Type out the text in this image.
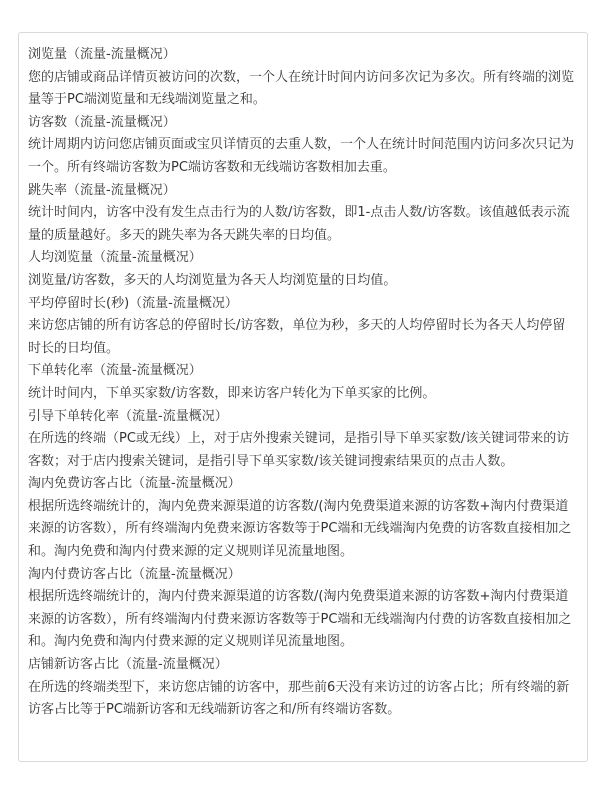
浏览量（流量-流量概况）

您的店铺或商品详情页被访问的次数，一个人在统计时间内访问多次记为多次。所有终端的浏览量等于PC端浏览量和无线端浏览量之和。

访客数（流量-流量概况）

统计周期内访问您店铺页面或宝贝详情页的去重人数，一个人在统计时间范围内访问多次只记为一个。所有终端访客数为PC端访客数和无线端访客数相加去重。

跳失率（流量-流量概况）

统计时间内，访客中没有发生点击行为的人数/访客数，即1-点击人数/访客数。该值越低表示流量的质量越好。多天的跳失率为各天跳失率的日均值。

人均浏览量（流量-流量概况）

浏览量/访客数，多天的人均浏览量为各天人均浏览量的日均值。

平均停留时长(秒)（流量-流量概况）

来访您店铺的所有访客总的停留时长/访客数，单位为秒，多天的人均停留时长为各天人均停留时长的日均值。

下单转化率（流量-流量概况）

统计时间内，下单买家数/访客数，即来访客户转化为下单买家的比例。

引导下单转化率（流量-流量概况）

在所选的终端（PC或无线）上，对于店外搜索关键词，是指引导下单买家数/该关键词带来的访客数；对于店内搜索关键词，是指引导下单买家数/该关键词搜索结果页的点击人数。

淘内免费访客占比（流量-流量概况）

根据所选终端统计的，淘内免费来源渠道的访客数/(淘内免费渠道来源的访客数+淘内付费渠道来源的访客数），所有终端淘内免费来源访客数等于PC端和无线端淘内免费的访客数直接相加之和。淘内免费和淘内付费来源的定义规则详见流量地图。

淘内付费访客占比（流量-流量概况）

根据所选终端统计的，淘内付费来源渠道的访客数/(淘内免费渠道来源的访客数+淘内付费渠道来源的访客数），所有终端淘内付费来源访客数等于PC端和无线端淘内付费的访客数直接相加之和。淘内免费和淘内付费来源的定义规则详见流量地图。

店铺新访客占比（流量-流量概况）

在所选的终端类型下，来访您店铺的访客中，那些前6天没有来访过的访客占比；所有终端的新访客占比等于PC端新访客和无线端新访客之和/所有终端访客数。
